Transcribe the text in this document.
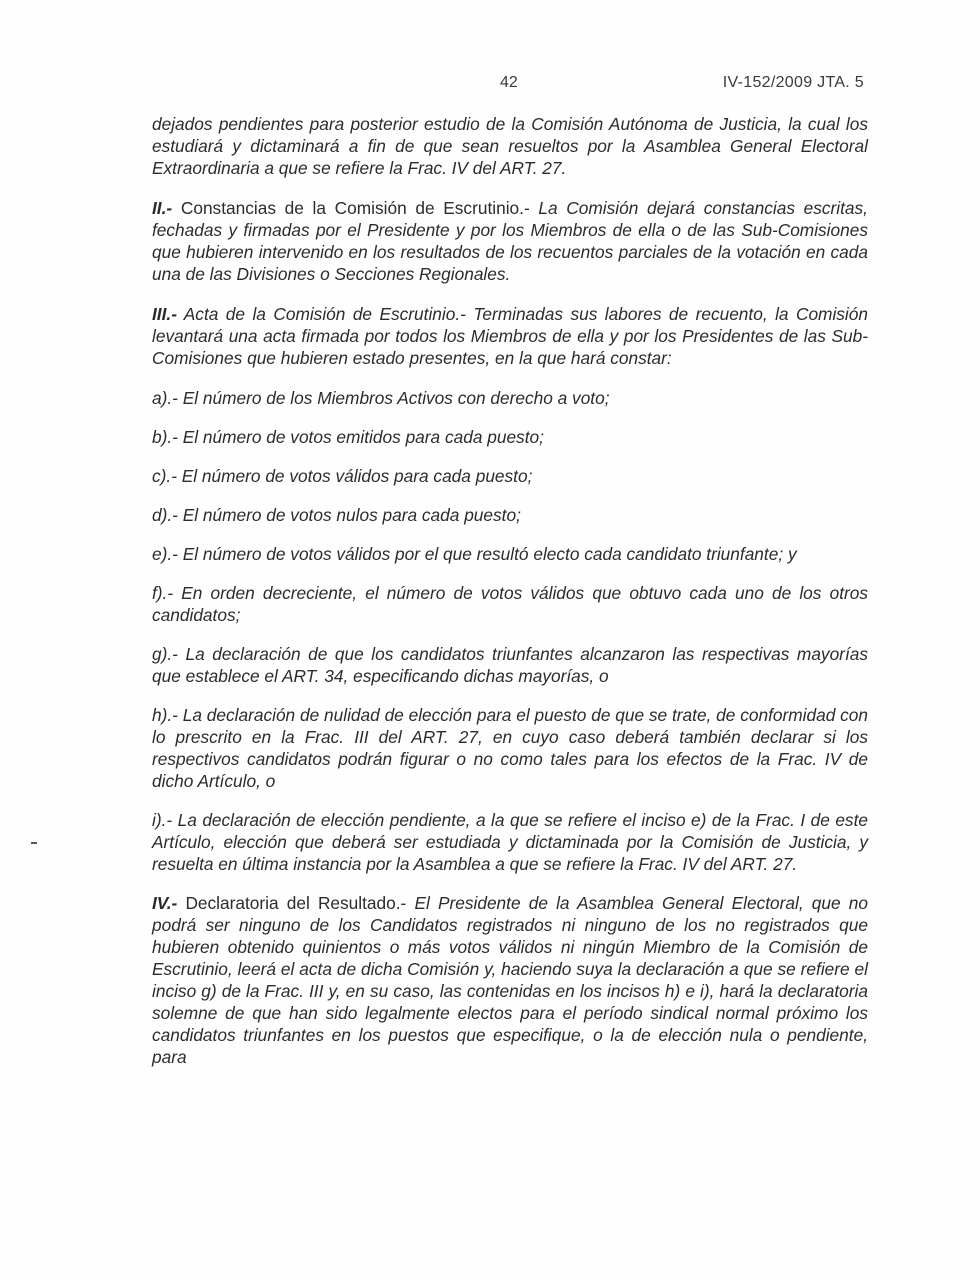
42	IV-152/2009 JTA. 5

dejados pendientes para posterior estudio de la Comisión Autónoma de Justicia, la cual los estudiará y dictaminará a fin de que sean resueltos por la Asamblea General Electoral Extraordinaria a que se refiere la Frac. IV del ART. 27.

II.- Constancias de la Comisión de Escrutinio.- La Comisión dejará constancias escritas, fechadas y firmadas por el Presidente y por los Miembros de ella o de las Sub-Comisiones que hubieren intervenido en los resultados de los recuentos parciales de la votación en cada una de las Divisiones o Secciones Regionales.

III.- Acta de la Comisión de Escrutinio.- Terminadas sus labores de recuento, la Comisión levantará una acta firmada por todos los Miembros de ella y por los Presidentes de las Sub-Comisiones que hubieren estado presentes, en la que hará constar:

a).- El número de los Miembros Activos con derecho a voto;

b).- El número de votos emitidos para cada puesto;

c).- El número de votos válidos para cada puesto;

d).- El número de votos nulos para cada puesto;

e).- El número de votos válidos por el que resultó electo cada candidato triunfante; y

f).- En orden decreciente, el número de votos válidos que obtuvo cada uno de los otros candidatos;

g).- La declaración de que los candidatos triunfantes alcanzaron las respectivas mayorías que establece el ART. 34, especificando dichas mayorías, o

h).- La declaración de nulidad de elección para el puesto de que se trate, de conformidad con lo prescrito en la Frac. III del ART. 27, en cuyo caso deberá también declarar si los respectivos candidatos podrán figurar o no como tales para los efectos de la Frac. IV de dicho Artículo, o

i).- La declaración de elección pendiente, a la que se refiere el inciso e) de la Frac. I de este Artículo, elección que deberá ser estudiada y dictaminada por la Comisión de Justicia, y resuelta en última instancia por la Asamblea a que se refiere la Frac. IV del ART. 27.

IV.- Declaratoria del Resultado.- El Presidente de la Asamblea General Electoral, que no podrá ser ninguno de los Candidatos registrados ni ninguno de los no registrados que hubieren obtenido quinientos o más votos válidos ni ningún Miembro de la Comisión de Escrutinio, leerá el acta de dicha Comisión y, haciendo suya la declaración a que se refiere el inciso g) de la Frac. III y, en su caso, las contenidas en los incisos h) e i), hará la declaratoria solemne de que han sido legalmente electos para el período sindical normal próximo los candidatos triunfantes en los puestos que especifique, o la de elección nula o pendiente, para
